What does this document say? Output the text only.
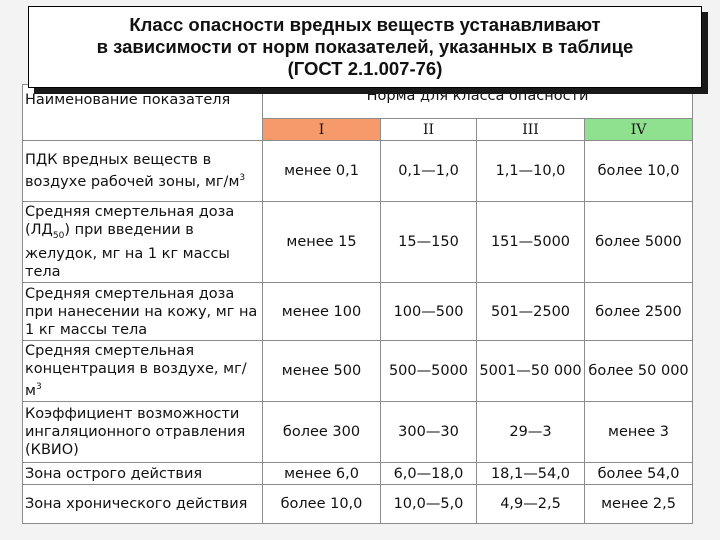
Класс опасности вредных веществ устанавливают
в зависимости от норм показателей, указанных в таблице
(ГОСТ 2.1.007-76)
Наименование показателя	Норма для класса опасности			
	I	II	III	IV
ПДК вредных веществ в воздухе рабочей зоны, $мг/м^3$	менее 0,1	0,1—1,0	1,1—10,0	более 10,0
Средняя смертельная доза $(ЛД_{50})$ при введении в желудок, мг на 1 кг массы тела	менее 15	15—150	151—5000	более 5000
Средняя смертельная доза при нанесении на кожу, мг на 1 кг массы тела	менее 100	100—500	501—2500	более 2500
Средняя смертельная концентрация в воздухе, $мг/м^3$	менее 500	500—5000	5001—50 000	более 50 000
Коэффициент возможности ингаляционного отравления (КВИО)	более 300	300—30	29—3	менее 3
Зона острого действия	менее 6,0	6,0—18,0	18,1—54,0	более 54,0
Зона хронического действия	более 10,0	10,0—5,0	4,9—2,5	менее 2,5
